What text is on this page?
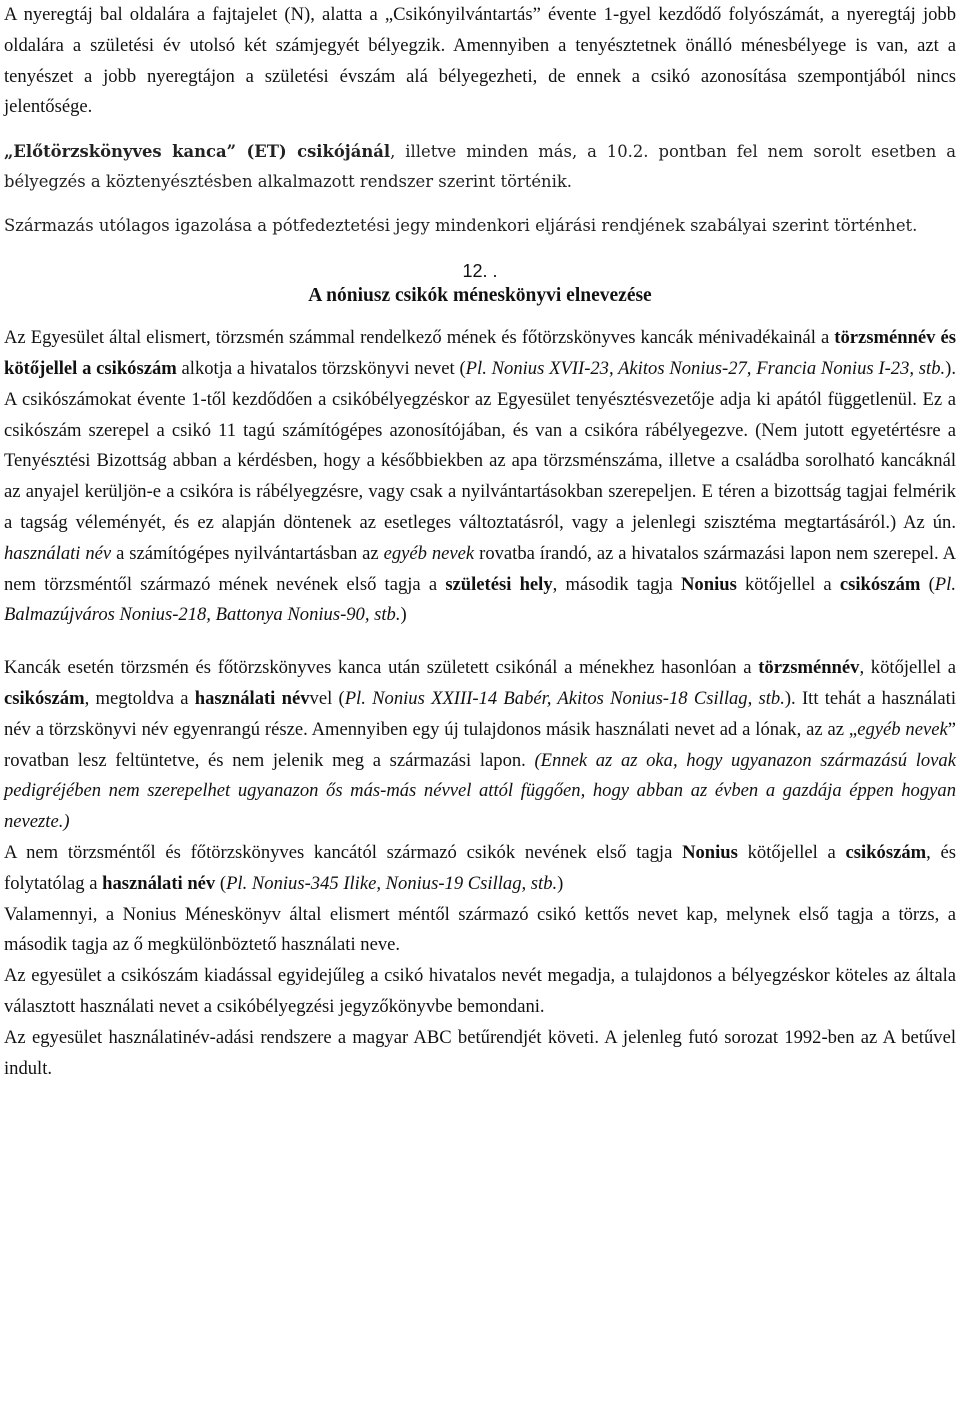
A nyeregtáj bal oldalára a fajtajelet (N), alatta a „Csikónyilvántartás” évente 1-gyel kezdődő folyószámát, a nyeregtáj jobb oldalára a születési év utolsó két számjegyét bélyegzik. Amennyiben a tenyésztetnek önálló ménesbélyege is van, azt a tenyészet a jobb nyeregtájon a születési évszám alá bélyegezheti, de ennek a csikó azonosítása szempontjából nincs jelentősége.

„Előtörzskönyves kanca” (ET) csikójánál, illetve minden más, a 10.2. pontban fel nem sorolt esetben a bélyegzés a köztenyésztésben alkalmazott rendszer szerint történik.

Származás utólagos igazolása a pótfedeztetési jegy mindenkori eljárási rendjének szabályai szerint történhet.

12. .
A nóniusz csikók méneskönyvi elnevezése

Az Egyesület által elismert, törzsmén számmal rendelkező mének és főtörzskönyves kancák ménivadékainál a törzsménnév és kötőjellel a csikószám alkotja a hivatalos törzskönyvi nevet (Pl. Nonius XVII-23, Akitos Nonius-27, Francia Nonius I-23, stb.). A csikószámokat évente 1-től kezdődően a csikóbélyegzéskor az Egyesület tenyésztésvezetője adja ki apától függetlenül. Ez a csikószám szerepel a csikó 11 tagú számítógépes azonosítójában, és van a csikóra rábélyegezve. (Nem jutott egyetértésre a Tenyésztési Bizottság abban a kérdésben, hogy a későbbiekben az apa törzsménszáma, illetve a családba sorolható kancáknál az anyajel kerüljön-e a csikóra is rábélyegzésre, vagy csak a nyilvántartásokban szerepeljen. E téren a bizottság tagjai felmérik a tagság véleményét, és ez alapján döntenek az esetleges változtatásról, vagy a jelenlegi szisztéma megtartásáról.) Az ún. használati név a számítógépes nyilvántartásban az egyéb nevek rovatba írandó, az a hivatalos származási lapon nem szerepel. A nem törzsméntől származó mének nevének első tagja a születési hely, második tagja Nonius kötőjellel a csikószám (Pl. Balmazújváros Nonius-218, Battonya Nonius-90, stb.)

Kancák esetén törzsmén és főtörzskönyves kanca után született csikónál a ménekhez hasonlóan a törzsménnév, kötőjellel a csikószám, megtoldva a használati névvel (Pl. Nonius XXIII-14 Babér, Akitos Nonius-18 Csillag, stb.). Itt tehát a használati név a törzskönyvi név egyenrangú része. Amennyiben egy új tulajdonos másik használati nevet ad a lónak, az az „egyéb nevek” rovatban lesz feltüntetve, és nem jelenik meg a származási lapon. (Ennek az az oka, hogy ugyanazon származású lovak pedigréjében nem szerepelhet ugyanazon ős más-más névvel attól függően, hogy abban az évben a gazdája éppen hogyan nevezte.)

A nem törzsméntől és főtörzskönyves kancától származó csikók nevének első tagja Nonius kötőjellel a csikószám, és folytatólag a használati név (Pl. Nonius-345 Ilike, Nonius-19 Csillag, stb.)

Valamennyi, a Nonius Méneskönyv által elismert méntől származó csikó kettős nevet kap, melynek első tagja a törzs, a második tagja az ő megkülönböztető használati neve.

Az egyesület a csikószám kiadással egyidejűleg a csikó hivatalos nevét megadja, a tulajdonos a bélyegzéskor köteles az általa választott használati nevet a csikóbélyegzési jegyzőkönyvbe bemondani.

Az egyesület használatinév-adási rendszere a magyar ABC betűrendjét követi. A jelenleg futó sorozat 1992-ben az A betűvel indult.
